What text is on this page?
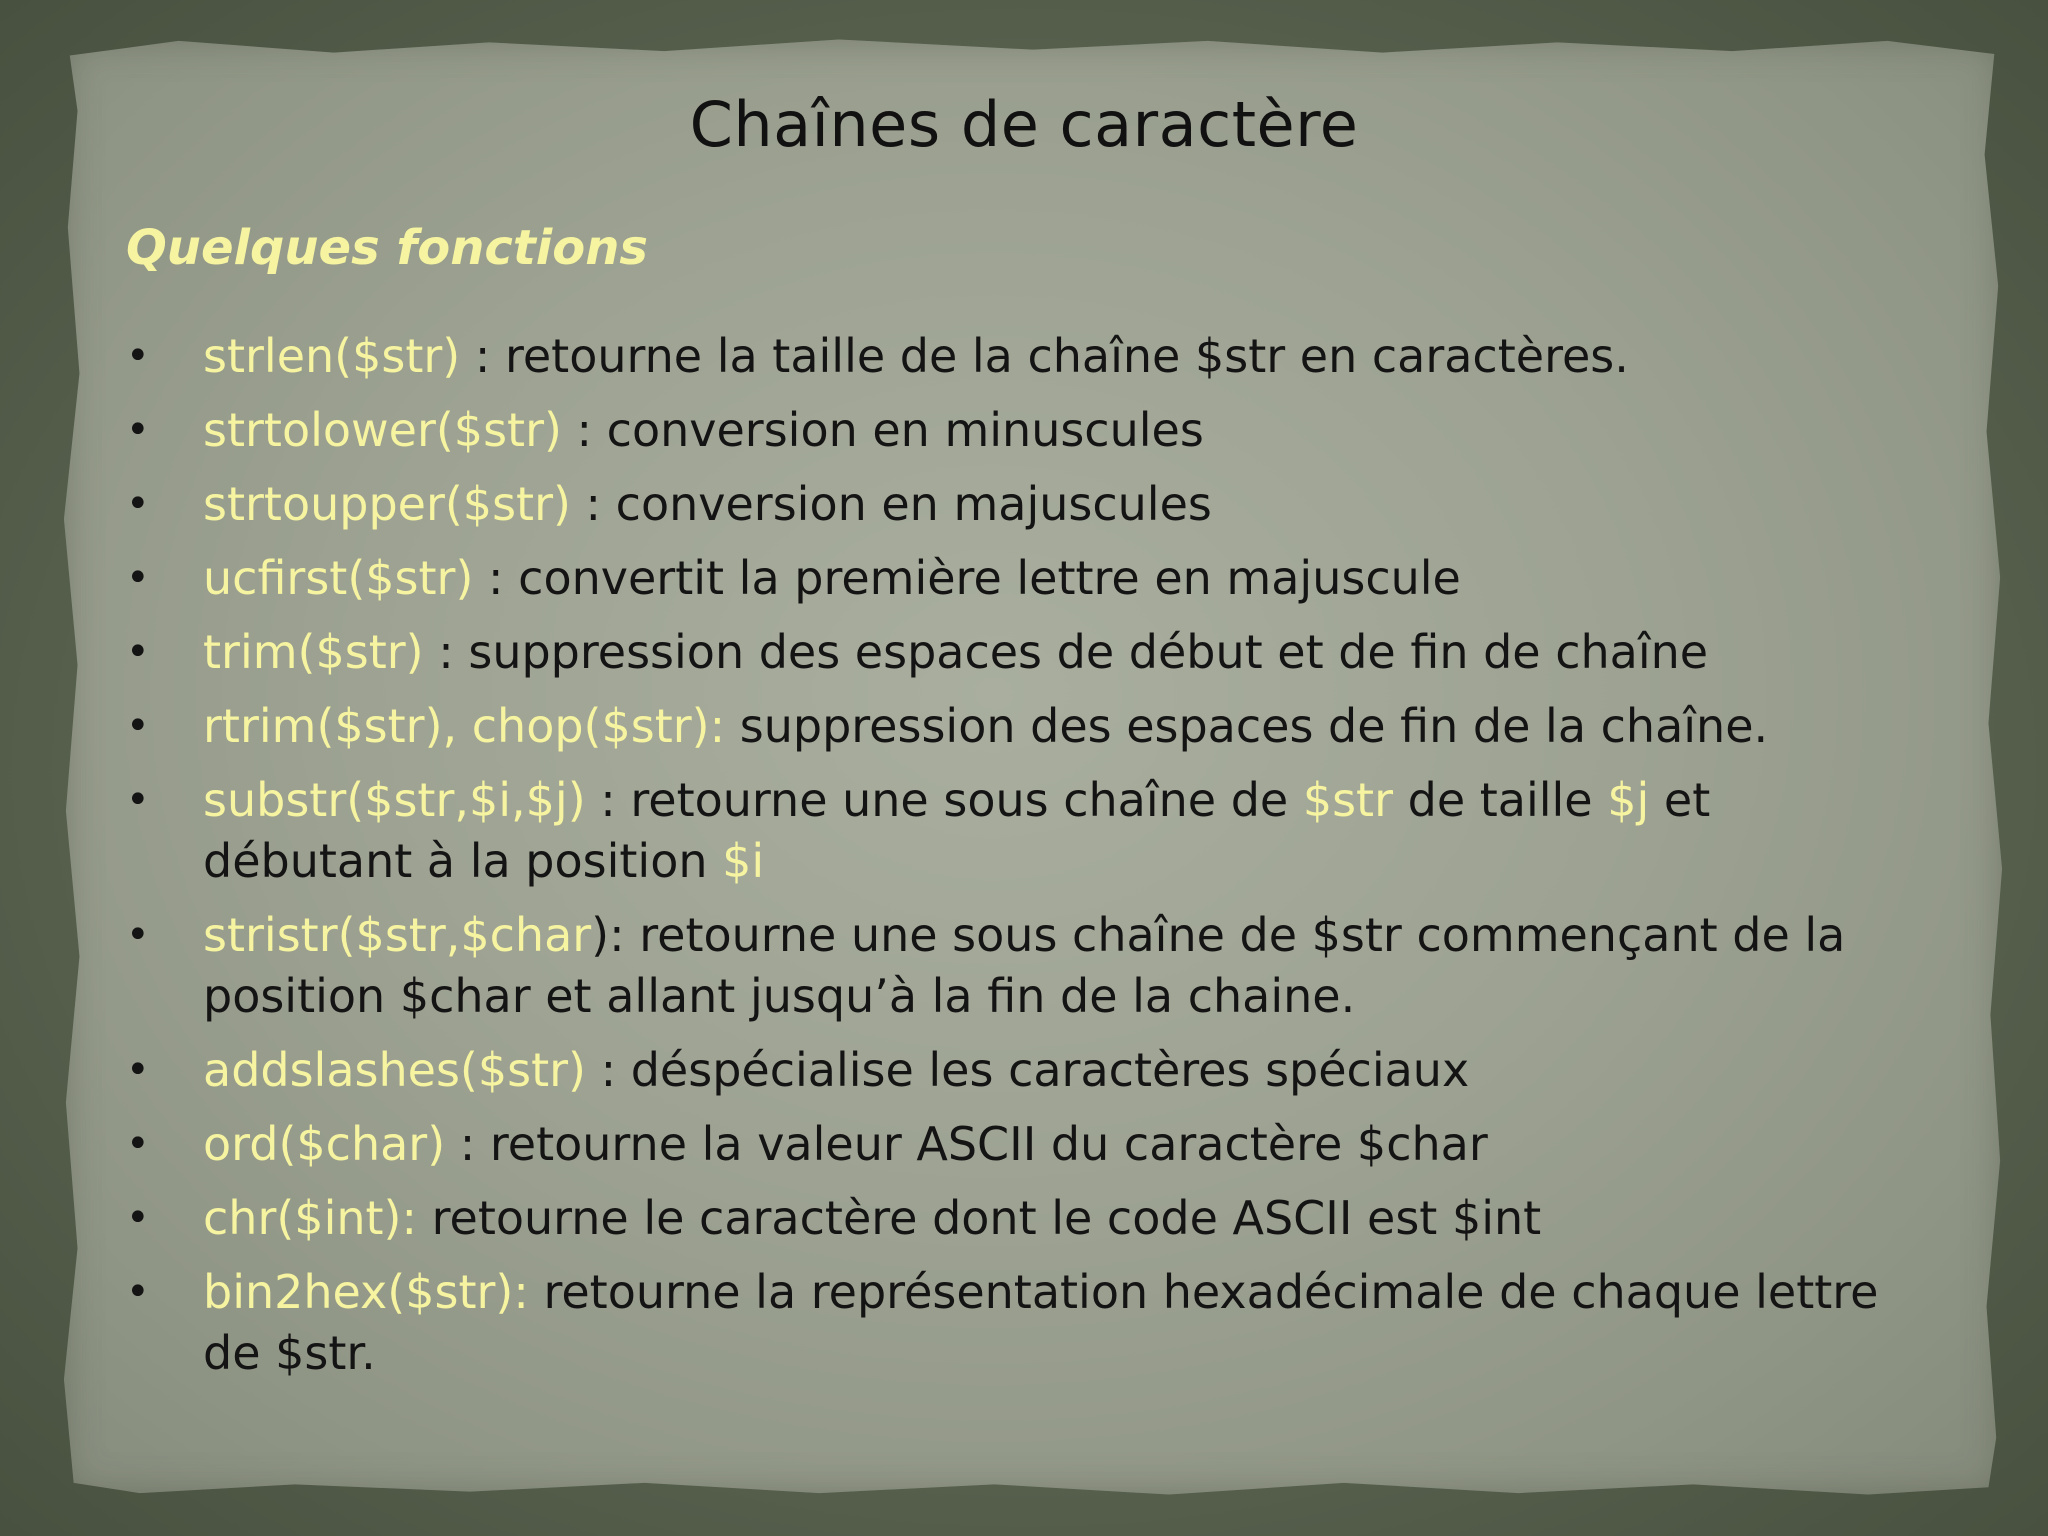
Chaînes de caractère
Quelques fonctions
• strlen($str) : retourne la taille de la chaîne $str en caractères.
• strtolower($str) : conversion en minuscules
• strtoupper($str) : conversion en majuscules
• ucfirst($str) : convertit la première lettre en majuscule
• trim($str) : suppression des espaces de début et de fin de chaîne
• rtrim($str), chop($str): suppression des espaces de fin de la chaîne.
• substr($str,$i,$j) : retourne une sous chaîne de $str de taille $j et débutant à la position $i
• stristr($str,$char): retourne une sous chaîne de $str commençant de la position $char et allant jusqu’à la fin de la chaine.
• addslashes($str) : déspécialise les caractères spéciaux
• ord($char) : retourne la valeur ASCII du caractère $char
• chr($int): retourne le caractère dont le code ASCII est $int
• bin2hex($str): retourne la représentation hexadécimale de chaque lettre de $str.
